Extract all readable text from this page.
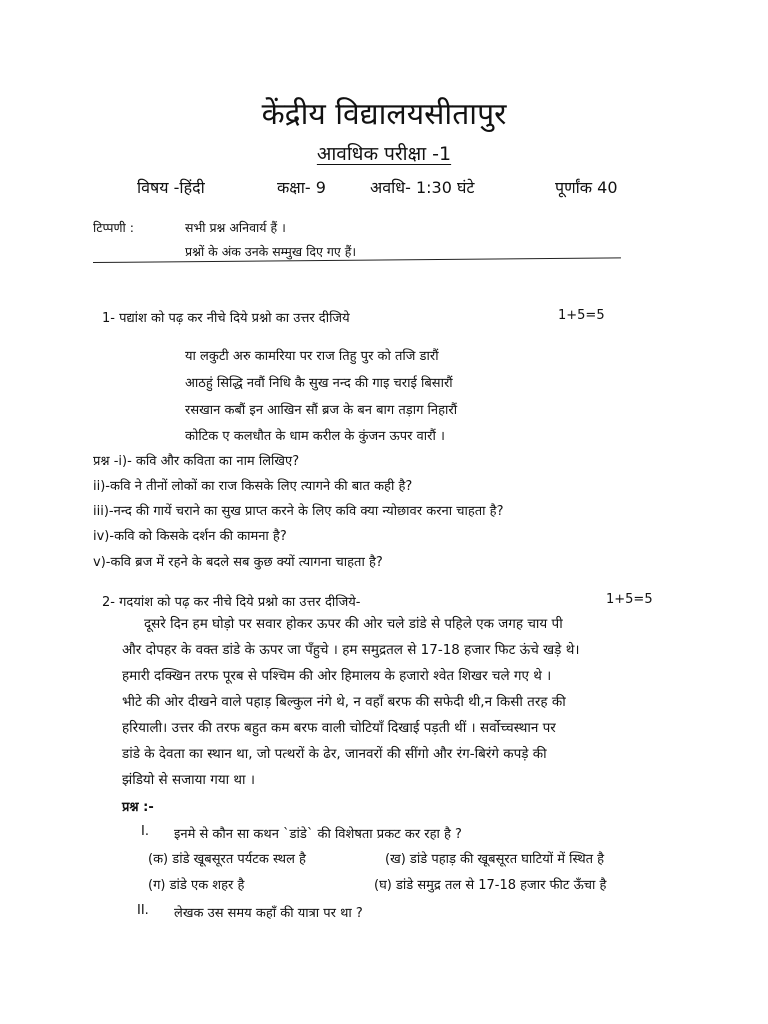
केंद्रीय विद्यालयसीतापुर
आवधिक परीक्षा -1
विषय -हिंदी	कक्षा- 9	अवधि- 1:30 घंटे	पूर्णांक 40
टिप्पणी :	सभी प्रश्न अनिवार्य हैं ।
प्रश्नों के अंक उनके सम्मुख दिए गए हैं।
1- पद्यांश को पढ़ कर नीचे दिये प्रश्नो का उत्तर दीजिये	1+5=5
या लकुटी अरु कामरिया पर राज तिहु पुर को तजि डारौं
आठहुं सिद्धि नवौं निधि कै सुख नन्द की गाइ चराई बिसारौं
रसखान कबौं इन आखिन सौं ब्रज के बन बाग तड़ाग निहारौं
कोटिक ए कलधौत के धाम करील के कुंजन ऊपर वारौं ।
प्रश्न -i)- कवि और कविता का नाम लिखिए?
ii)-कवि ने तीनों लोकों का राज किसके लिए त्यागने की बात कही है?
iii)-नन्द की गायें चराने का सुख प्राप्त करने के लिए कवि क्या न्योछावर करना चाहता है?
iv)-कवि को किसके दर्शन की कामना है?
v)-कवि ब्रज में रहने के बदले सब कुछ क्यों त्यागना चाहता है?
2- गदयांश को पढ़ कर नीचे दिये प्रश्नो का उत्तर दीजिये-	1+5=5
दूसरे दिन हम घोड़ो पर सवार होकर ऊपर की ओर चले डांडे से पहिले एक जगह चाय पी
और दोपहर के वक्त डांडे के ऊपर जा पँहुचे । हम समुद्रतल से 17-18 हजार फिट ऊंचे खड़े थे।
हमारी दक्खिन तरफ पूरब से पश्चिम की ओर हिमालय के हजारो श्वेत शिखर चले गए थे ।
भीटे की ओर दीखने वाले पहाड़ बिल्कुल नंगे थे, न वहाँ बरफ की सफेदी थी,न किसी तरह की
हरियाली। उत्तर की तरफ बहुत कम बरफ वाली चोटियाँ दिखाई पड़ती थीं । सर्वोच्चस्थान पर
डांडे के देवता का स्थान था, जो पत्थरों के ढेर, जानवरों की सींगो और रंग-बिरंगे कपड़े की
झंडियो से सजाया गया था ।
प्रश्न :-
I. इनमे से कौन सा कथन `डांडे` की विशेषता प्रकट कर रहा है ?
(क) डांडे खूबसूरत पर्यटक स्थल है	(ख) डांडे पहाड़ की खूबसूरत घाटियों में स्थित है
(ग) डांडे एक शहर है	(घ) डांडे समुद्र तल से 17-18 हजार फीट ऊँचा है
II. लेखक उस समय कहाँ की यात्रा पर था ?
